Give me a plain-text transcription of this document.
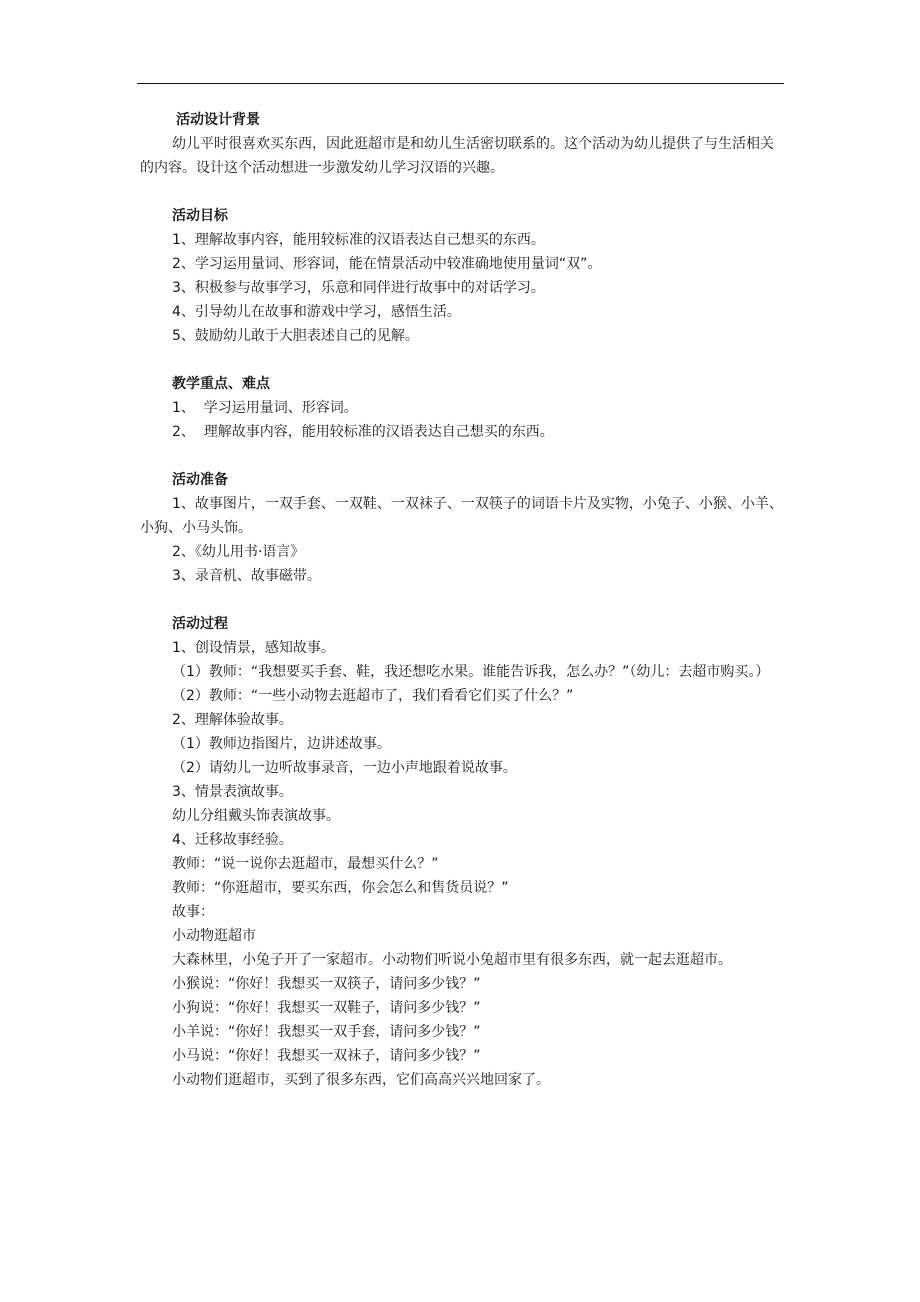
活动设计背景
幼儿平时很喜欢买东西，因此逛超市是和幼儿生活密切联系的。这个活动为幼儿提供了与生活相关的内容。设计这个活动想进一步激发幼儿学习汉语的兴趣。
活动目标
1、理解故事内容，能用较标准的汉语表达自己想买的东西。
2、学习运用量词、形容词，能在情景活动中较准确地使用量词“双”。
3、积极参与故事学习，乐意和同伴进行故事中的对话学习。
4、引导幼儿在故事和游戏中学习，感悟生活。
5、鼓励幼儿敢于大胆表述自己的见解。
教学重点、难点
1、  学习运用量词、形容词。
2、  理解故事内容，能用较标准的汉语表达自己想买的东西。
活动准备
1、故事图片，一双手套、一双鞋、一双袜子、一双筷子的词语卡片及实物，小兔子、小猴、小羊、小狗、小马头饰。
2、《幼儿用书·语言》
3、录音机、故事磁带。
活动过程
1、创设情景，感知故事。
（1）教师：“我想要买手套、鞋，我还想吃水果。谁能告诉我，怎么办？”（幼儿：去超市购买。）
（2）教师：“一些小动物去逛超市了，我们看看它们买了什么？”
2、理解体验故事。
（1）教师边指图片，边讲述故事。
（2）请幼儿一边听故事录音，一边小声地跟着说故事。
3、情景表演故事。
幼儿分组戴头饰表演故事。
4、迁移故事经验。
教师：“说一说你去逛超市，最想买什么？”
教师：“你逛超市，要买东西，你会怎么和售货员说？”
故事：
小动物逛超市
大森林里，小兔子开了一家超市。小动物们听说小兔超市里有很多东西，就一起去逛超市。
小猴说：“你好！我想买一双筷子，请问多少钱？”
小狗说：“你好！我想买一双鞋子，请问多少钱？”
小羊说：“你好！我想买一双手套，请问多少钱？”
小马说：“你好！我想买一双袜子，请问多少钱？”
小动物们逛超市，买到了很多东西，它们高高兴兴地回家了。
